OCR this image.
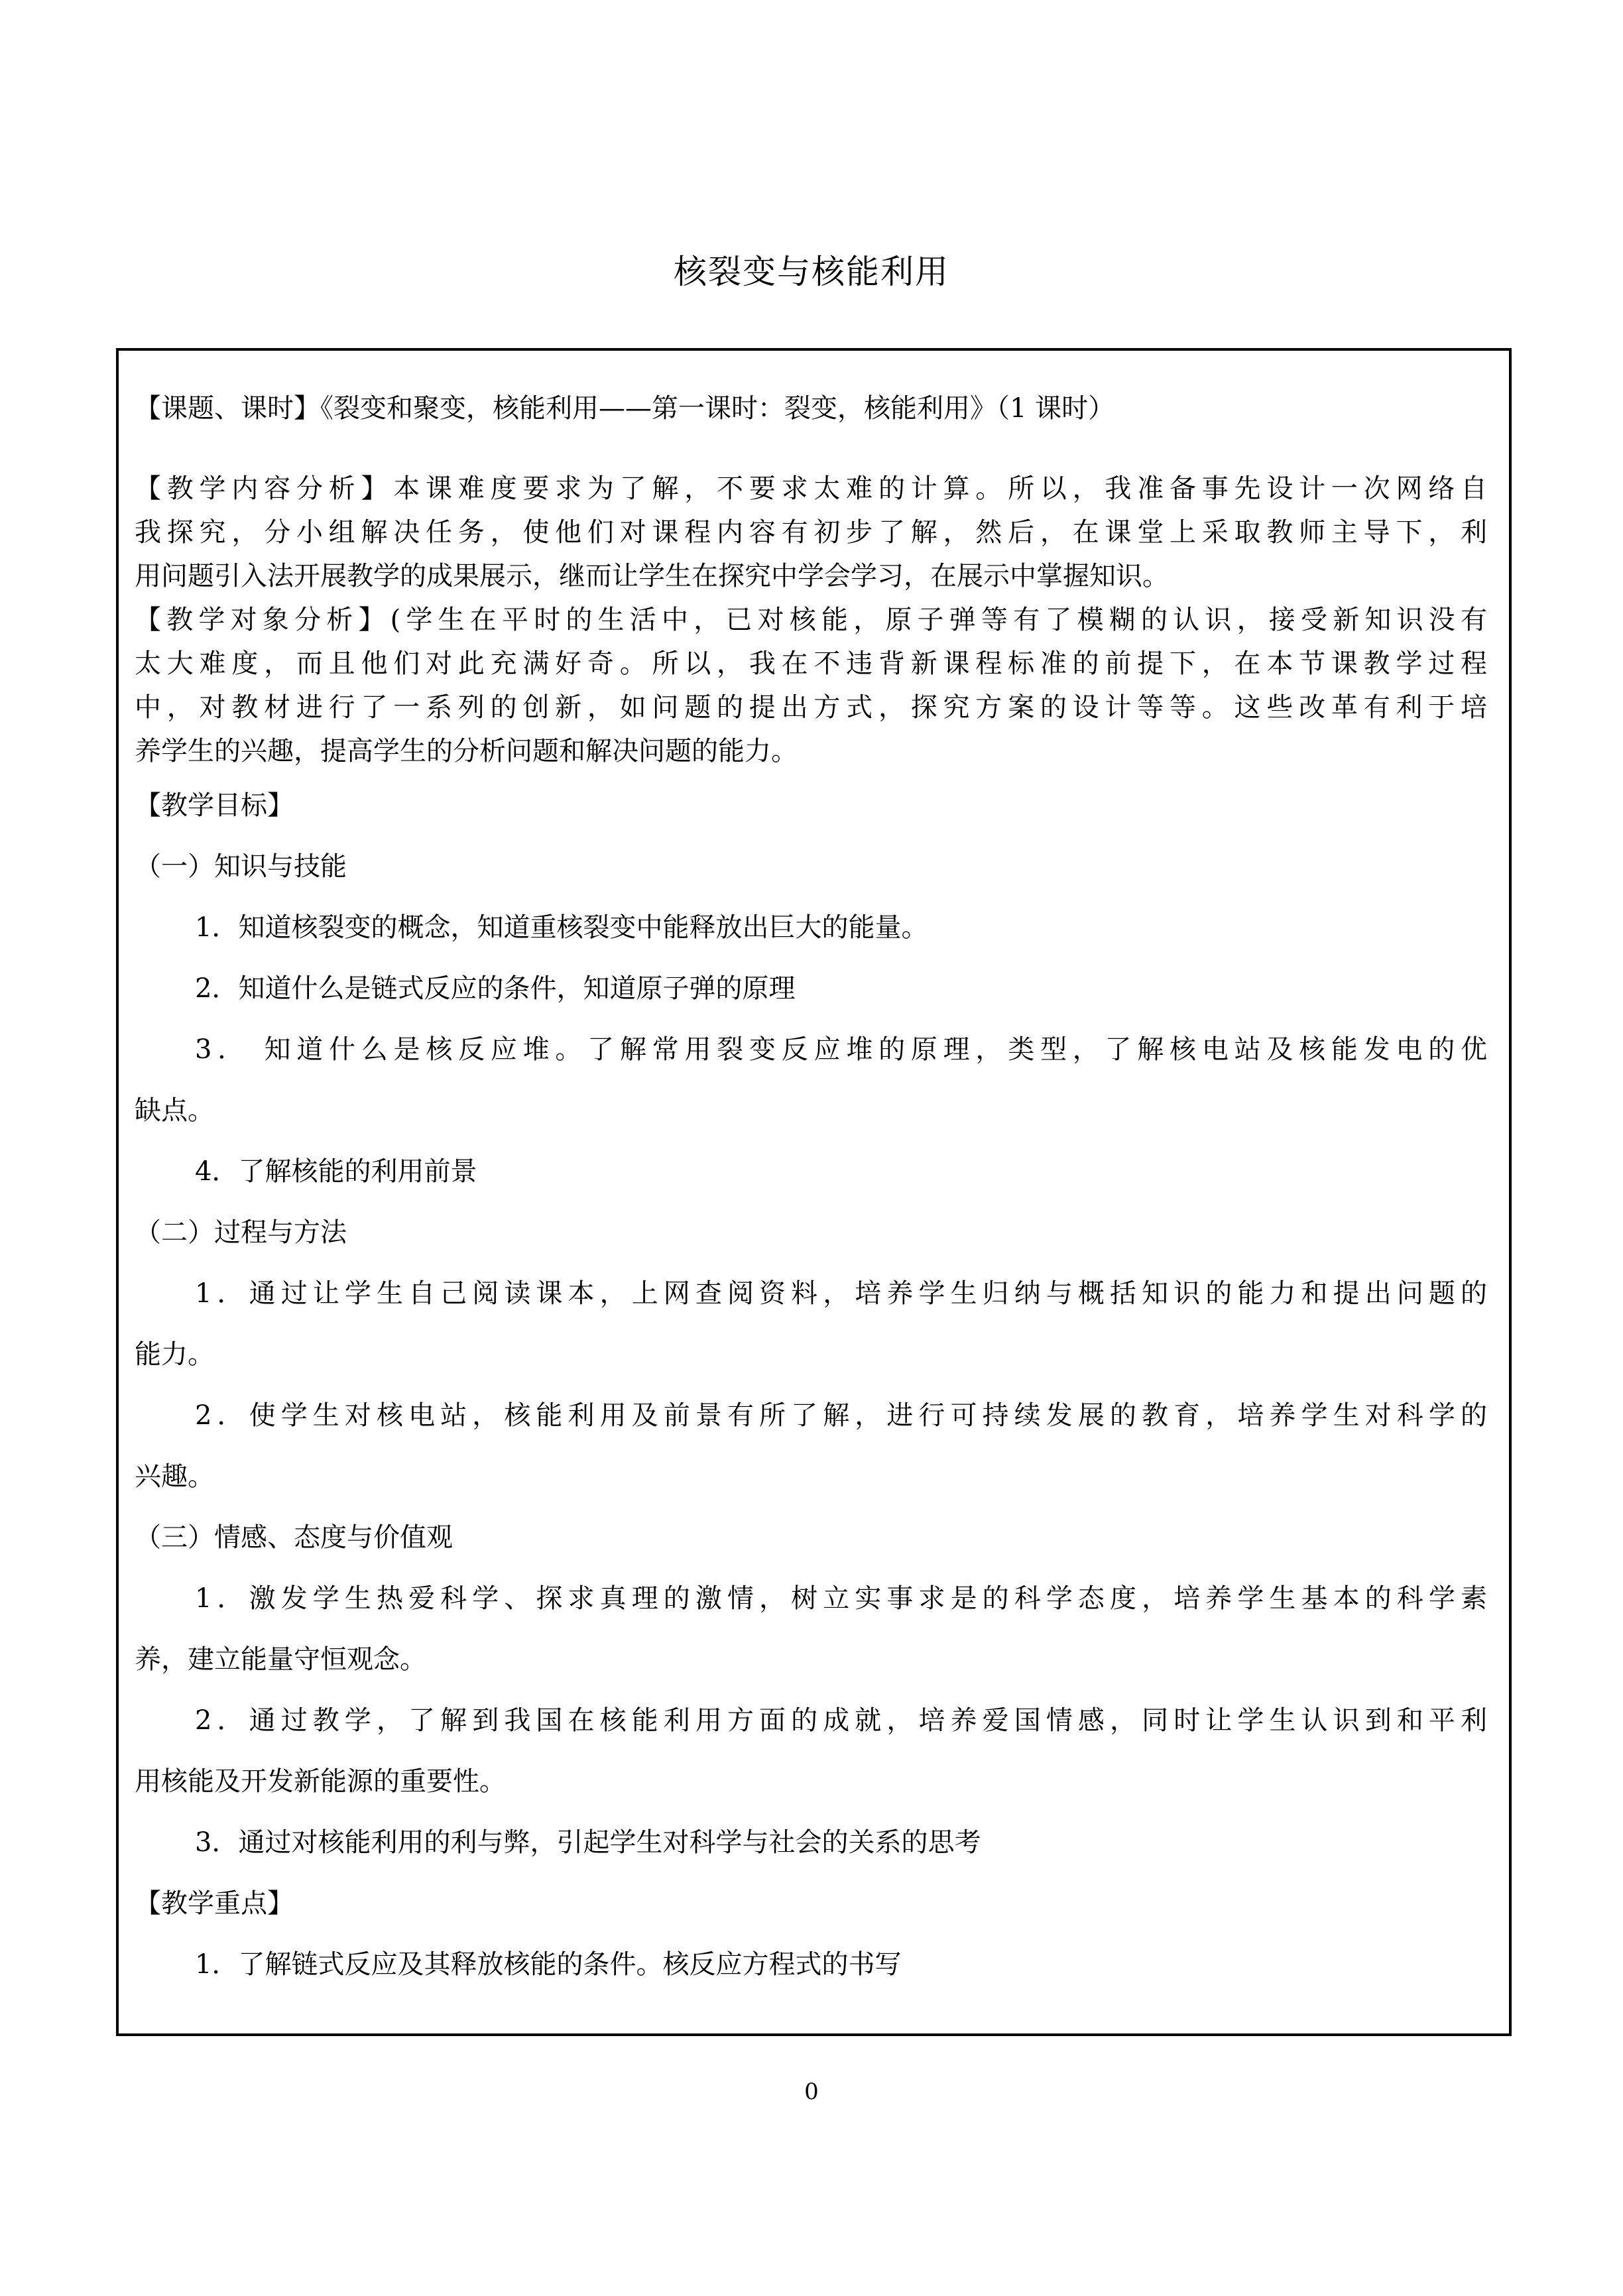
核裂变与核能利用
【课题、课时】《裂变和聚变，核能利用——第一课时：裂变，核能利用》（1 课时）
【教学内容分析】本课难度要求为了解，不要求太难的计算。所以，我准备事先设计一次网络自
我探究，分小组解决任务，使他们对课程内容有初步了解，然后，在课堂上采取教师主导下，利
用问题引入法开展教学的成果展示，继而让学生在探究中学会学习，在展示中掌握知识。
【教学对象分析】(学生在平时的生活中，已对核能，原子弹等有了模糊的认识，接受新知识没有
太大难度，而且他们对此充满好奇。所以，我在不违背新课程标准的前提下，在本节课教学过程
中，对教材进行了一系列的创新，如问题的提出方式，探究方案的设计等等。这些改革有利于培
养学生的兴趣，提高学生的分析问题和解决问题的能力。
【教学目标】
（一）知识与技能
1．知道核裂变的概念，知道重核裂变中能释放出巨大的能量。
2．知道什么是链式反应的条件，知道原子弹的原理
3． 知道什么是核反应堆。了解常用裂变反应堆的原理，类型，了解核电站及核能发电的优
缺点。
4．了解核能的利用前景
（二）过程与方法
1．通过让学生自己阅读课本，上网查阅资料，培养学生归纳与概括知识的能力和提出问题的
能力。
2．使学生对核电站，核能利用及前景有所了解，进行可持续发展的教育，培养学生对科学的
兴趣。
（三）情感、态度与价值观
1．激发学生热爱科学、探求真理的激情，树立实事求是的科学态度，培养学生基本的科学素
养，建立能量守恒观念。
2．通过教学，了解到我国在核能利用方面的成就，培养爱国情感，同时让学生认识到和平利
用核能及开发新能源的重要性。
3．通过对核能利用的利与弊，引起学生对科学与社会的关系的思考
【教学重点】
1．了解链式反应及其释放核能的条件。核反应方程式的书写
0
